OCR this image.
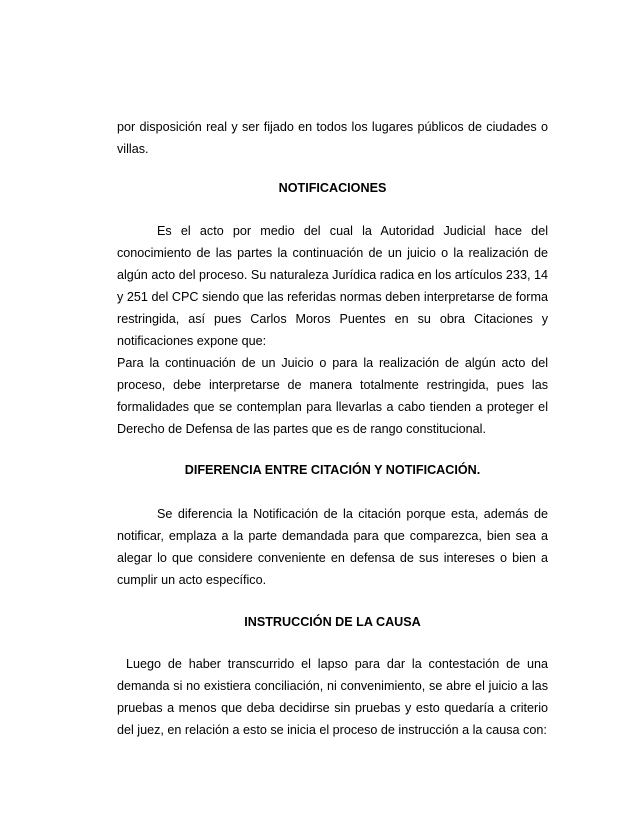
por disposición real y ser fijado en todos los lugares públicos de ciudades o villas.

NOTIFICACIONES

Es el acto por medio del cual la Autoridad Judicial hace del conocimiento de las partes la continuación de un juicio o la realización de algún acto del proceso. Su naturaleza Jurídica radica en los artículos 233, 14 y 251 del CPC siendo que las referidas normas deben interpretarse de forma restringida, así pues Carlos Moros Puentes en su obra Citaciones y notificaciones expone que:

Para la continuación de un Juicio o para la realización de algún acto del proceso, debe interpretarse de manera totalmente restringida, pues las formalidades que se contemplan para llevarlas a cabo tienden a proteger el Derecho de Defensa de las partes que es de rango constitucional.

DIFERENCIA ENTRE CITACIÓN Y NOTIFICACIÓN.

Se diferencia la Notificación de la citación porque esta, además de notificar, emplaza a la parte demandada para que comparezca, bien sea a alegar lo que considere conveniente en defensa de sus intereses o bien a cumplir un acto específico.

INSTRUCCIÓN DE LA CAUSA

Luego de haber transcurrido el lapso para dar la contestación de una demanda si no existiera conciliación, ni convenimiento, se abre el juicio a las pruebas a menos que deba decidirse sin pruebas y esto quedaría a criterio del juez, en relación a esto se inicia el proceso de instrucción a la causa con:
